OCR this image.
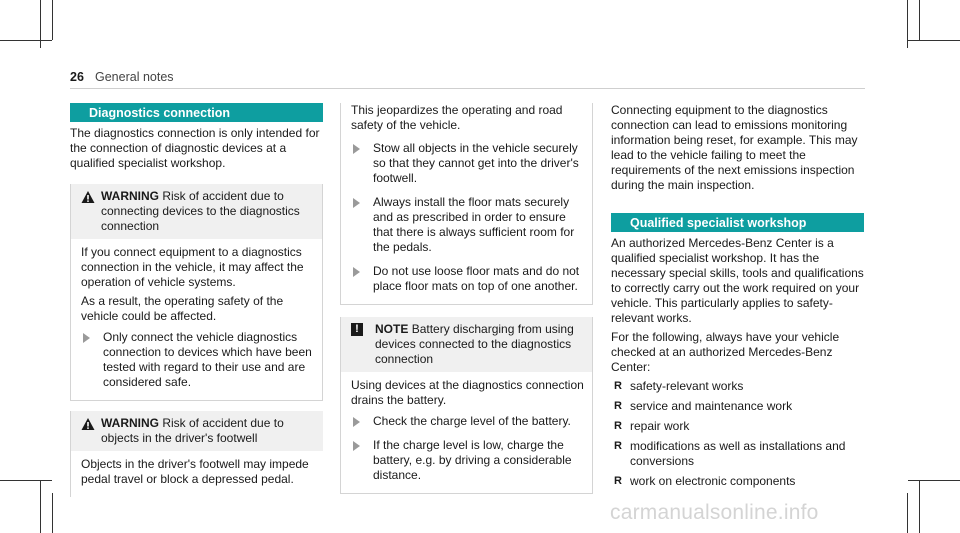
26 General notes
Diagnostics connection

The diagnostics connection is only intended for the connection of diagnostic devices at a qualified specialist workshop.

WARNING Risk of accident due to connecting devices to the diagnostics connection

If you connect equipment to a diagnostics connection in the vehicle, it may affect the operation of vehicle systems.

As a result, the operating safety of the vehicle could be affected.

Only connect the vehicle diagnostics connection to devices which have been tested with regard to their use and are considered safe.
WARNING Risk of accident due to objects in the driver's footwell

Objects in the driver's footwell may impede pedal travel or block a depressed pedal.

This jeopardizes the operating and road safety of the vehicle.

Stow all objects in the vehicle securely so that they cannot get into the driver's footwell.
Always install the floor mats securely and as prescribed in order to ensure that there is always sufficient room for the pedals.
Do not use loose floor mats and do not place floor mats on top of one another.
!	NOTE Battery discharging from using devices connected to the diagnostics connection

Using devices at the diagnostics connection drains the battery.

Check the charge level of the battery.
If the charge level is low, charge the battery, e.g. by driving a considerable distance.

Connecting equipment to the diagnostics connection can lead to emissions monitoring information being reset, for example. This may lead to the vehicle failing to meet the requirements of the next emissions inspection during the main inspection.

Qualified specialist workshop

An authorized Mercedes-Benz Center is a qualified specialist workshop. It has the necessary special skills, tools and qualifications to correctly carry out the work required on your vehicle. This particularly applies to safety-relevant works.

For the following, always have your vehicle checked at an authorized Mercedes-Benz Center:

R safety-relevant works
R service and maintenance work
R repair work
R modifications as well as installations and conversions
R work on electronic components
carmanualsonline.info
